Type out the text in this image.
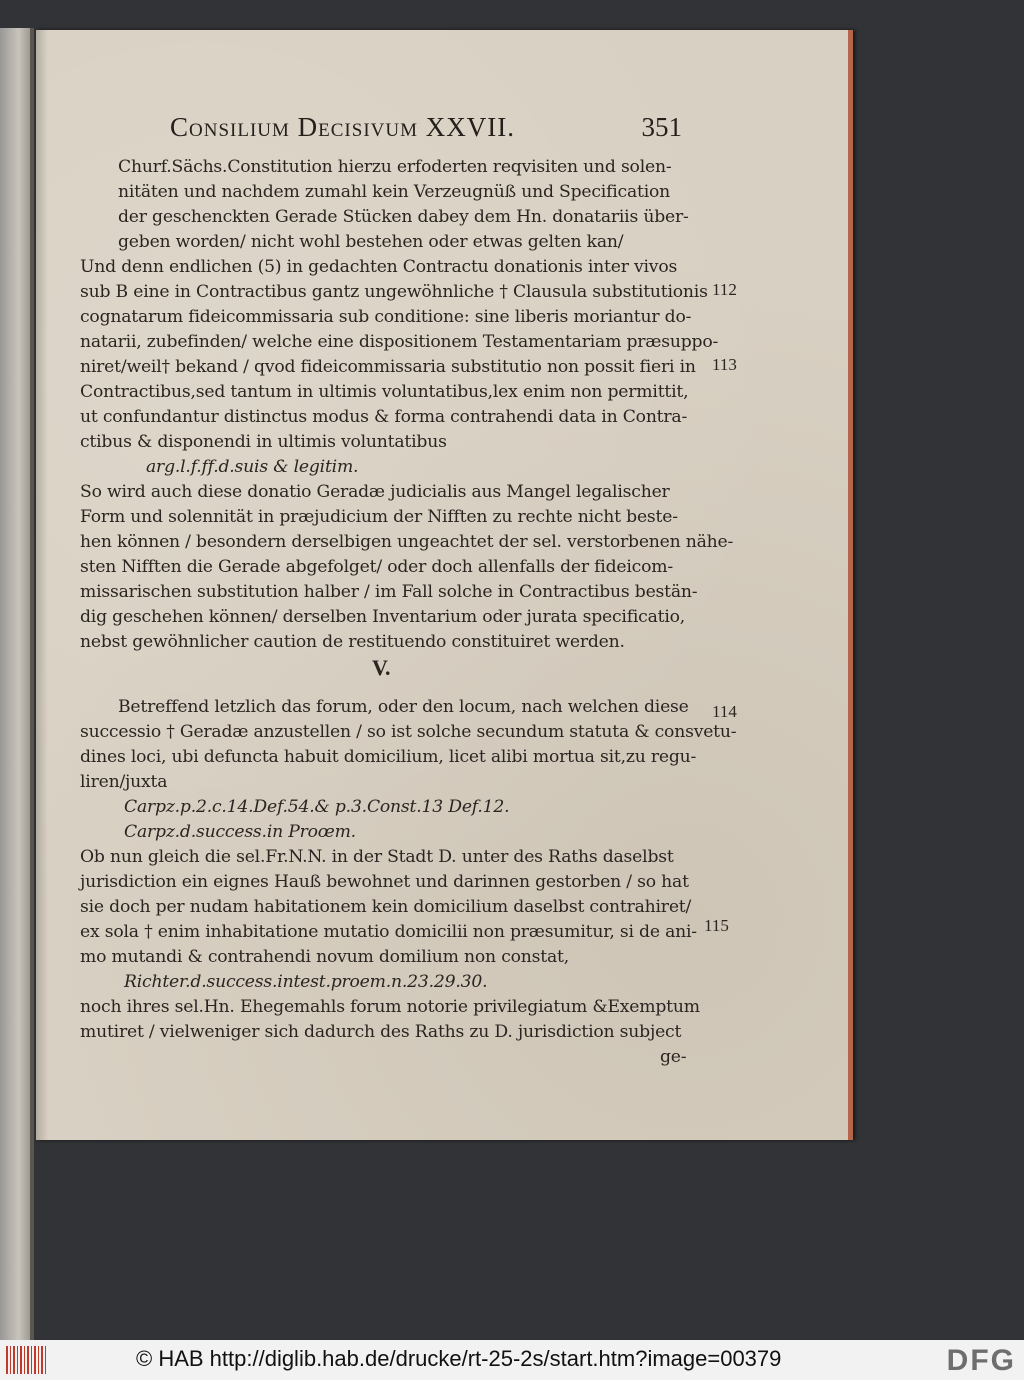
Consilium Decisivum XXVII.	351
Churf.Sächs.Constitution hierzu erfoderten reqvisiten und solen-
nitäten und nachdem zumahl kein Verzeugnüß und Specification
der geschenckten Gerade Stücken dabey dem Hn. donatariis über-
geben worden/ nicht wohl bestehen oder etwas gelten kan/
Und denn endlichen (5) in gedachten Contractu donationis inter vivos
sub B eine in Contractibus gantz ungewöhnliche † Clausula substitutionis
cognatarum fideicommissaria sub conditione: sine liberis moriantur do-
natarii, zubefinden/ welche eine dispositionem Testamentariam præsuppo-
niret/weil† bekand / qvod fideicommissaria substitutio non possit fieri in
Contractibus,sed tantum in ultimis voluntatibus,lex enim non permittit,
ut confundantur distinctus modus & forma contrahendi data in Contra-
ctibus & disponendi in ultimis voluntatibus
arg.l.f.ff.d.suis & legitim.
So wird auch diese donatio Geradæ judicialis aus Mangel legalischer
Form und solennität in præjudicium der Nifften zu rechte nicht beste-
hen können / besondern derselbigen ungeachtet der sel. verstorbenen nähe-
sten Nifften die Gerade abgefolget/ oder doch allenfalls der fideicom-
missarischen substitution halber / im Fall solche in Contractibus bestän-
dig geschehen können/ derselben Inventarium oder jurata specificatio,
nebst gewöhnlicher caution de restituendo constituiret werden.
V.
Betreffend letzlich das forum, oder den locum, nach welchen diese
successio † Geradæ anzustellen / so ist solche secundum statuta & consvetu-
dines loci, ubi defuncta habuit domicilium, licet alibi mortua sit,zu regu-
liren/juxta
Carpz.p.2.c.14.Def.54.& p.3.Const.13 Def.12.
Carpz.d.success.in Proœm.
Ob nun gleich die sel.Fr.N.N. in der Stadt D. unter des Raths daselbst
jurisdiction ein eignes Hauß bewohnet und darinnen gestorben / so hat
sie doch per nudam habitationem kein domicilium daselbst contrahiret/
ex sola † enim inhabitatione mutatio domicilii non præsumitur, si de ani-
mo mutandi & contrahendi novum domilium non constat,
Richter.d.success.intest.proem.n.23.29.30.
noch ihres sel.Hn. Ehegemahls forum notorie privilegiatum &Exemptum
mutiret / vielweniger sich dadurch des Raths zu D. jurisdiction subject
ge-
112
113
114
115
© HAB http://diglib.hab.de/drucke/rt-25-2s/start.htm?image=00379	DFG
